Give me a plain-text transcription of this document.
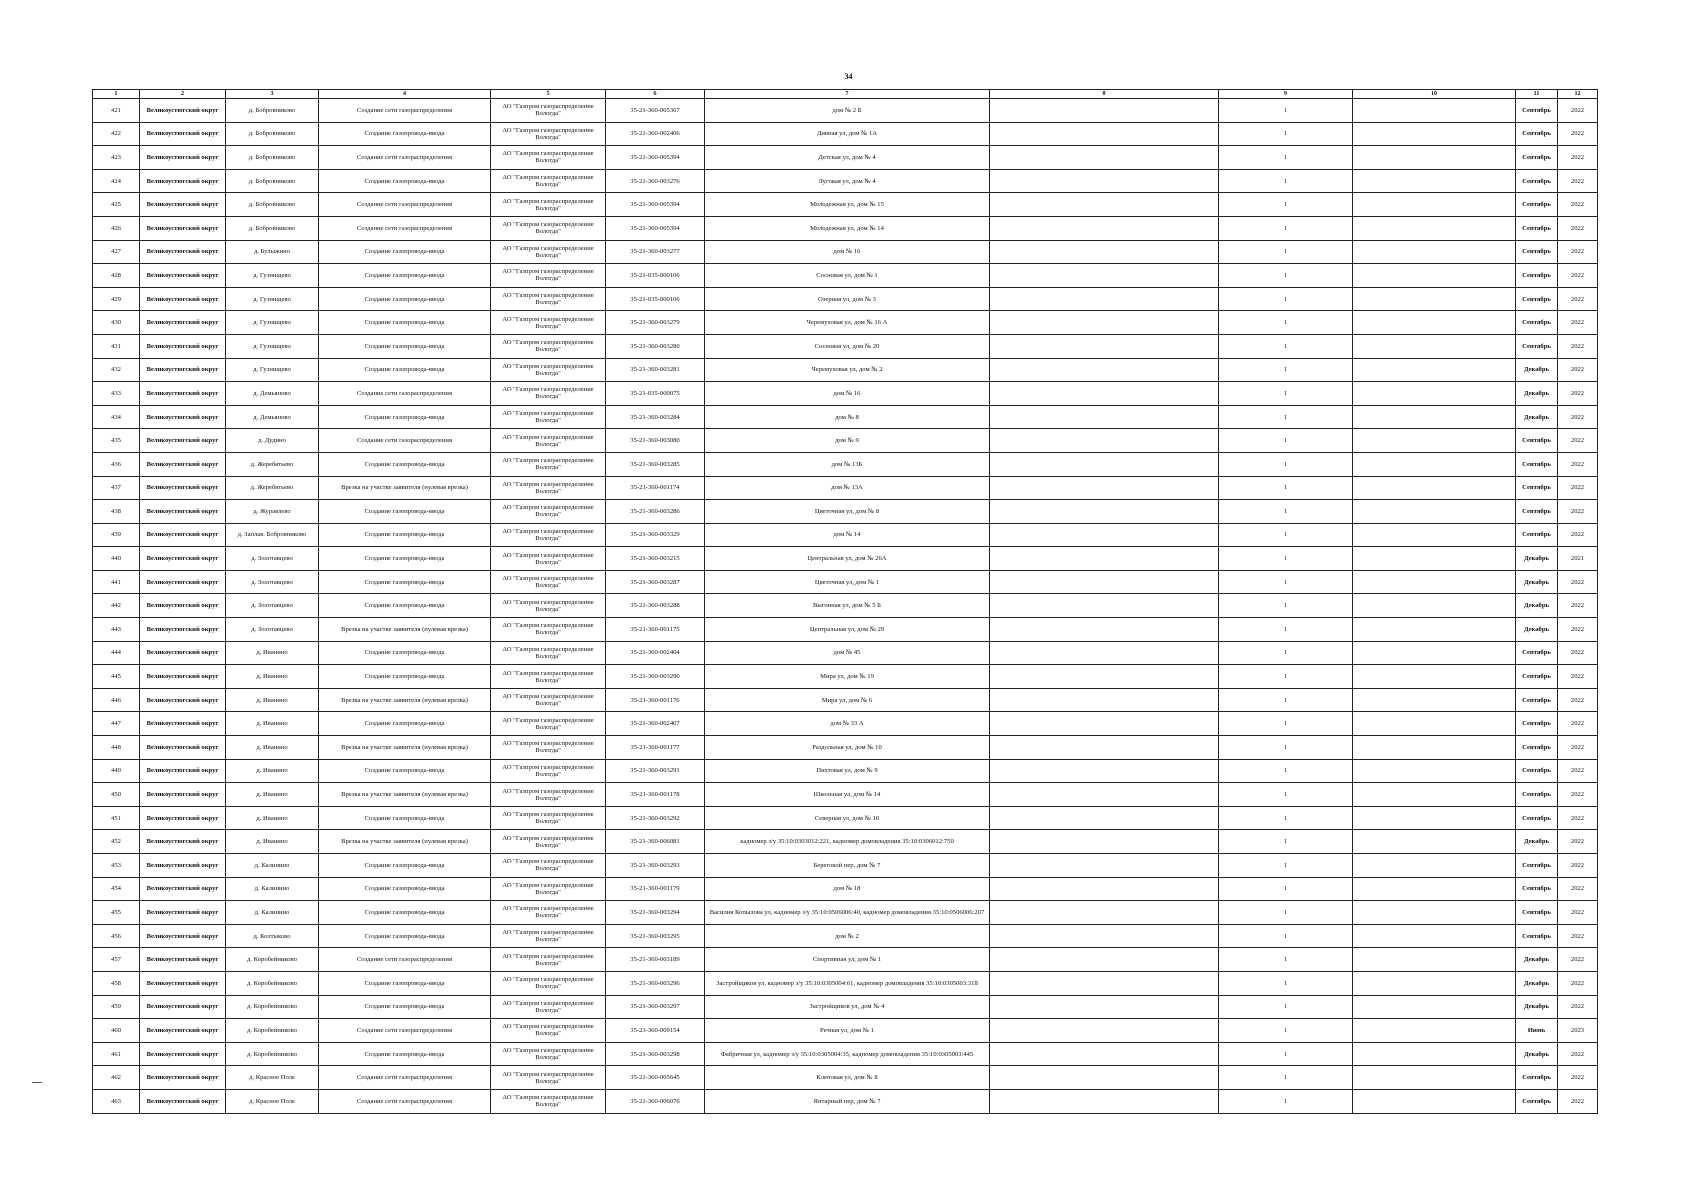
34
1	2	3	4	5	6	7	8	9	10	11	12
421	Великоустюгский округ	д. Бобровниково	Создание сети газораспределения	АО "Газпром газораспределение Вологда"	35-21-360-005367	дом № 2 Б		1		Сентябрь	2022
422	Великоустюгский округ	д. Бобровниково	Создание газопровода-ввода	АО "Газпром газораспределение Вологда"	35-21-360-002406	Дивная ул, дом № 1А		1		Сентябрь	2022
423	Великоустюгский округ	д. Бобровниково	Создание сети газораспределения	АО "Газпром газораспределение Вологда"	35-21-360-005394	Детская ул, дом № 4		1		Сентябрь	2022
424	Великоустюгский округ	д. Бобровниково	Создание газопровода-ввода	АО "Газпром газораспределение Вологда"	35-21-360-003276	Луговая ул, дом № 4		1		Сентябрь	2022
425	Великоустюгский округ	д. Бобровниково	Создание сети газораспределения	АО "Газпром газораспределение Вологда"	35-21-360-005394	Молодежная ул, дом № 15		1		Сентябрь	2022
426	Великоустюгский округ	д. Бобровниково	Создание сети газораспределения	АО "Газпром газораспределение Вологда"	35-21-360-005394	Молодежная ул, дом № 14		1		Сентябрь	2022
427	Великоустюгский округ	д. Булыжино	Создание газопровода-ввода	АО "Газпром газораспределение Вологда"	35-21-360-003277	дом № 16		1		Сентябрь	2022
428	Великоустюгский округ	д. Гузнищево	Создание газопровода-ввода	АО "Газпром газораспределение Вологда"	35-21-035-000106	Сосновая ул, дом № 1		1		Сентябрь	2022
429	Великоустюгский округ	д. Гузнищево	Создание газопровода-ввода	АО "Газпром газораспределение Вологда"	35-21-035-000106	Озерная ул, дом № 3		1		Сентябрь	2022
430	Великоустюгский округ	д. Гузнищево	Создание газопровода-ввода	АО "Газпром газораспределение Вологда"	35-21-360-003279	Черемуховая ул, дом № 16 А		1		Сентябрь	2022
431	Великоустюгский округ	д. Гузнищево	Создание газопровода-ввода	АО "Газпром газораспределение Вологда"	35-21-360-003280	Сосновая ул, дом № 20		1		Сентябрь	2022
432	Великоустюгский округ	д. Гузнищево	Создание газопровода-ввода	АО "Газпром газораспределение Вологда"	35-21-360-003281	Черемуховая ул, дом № 2		1		Декабрь	2022
433	Великоустюгский округ	д. Демьяново	Создание сети газораспределения	АО "Газпром газораспределение Вологда"	35-21-035-000075	дом № 16		1		Декабрь	2022
434	Великоустюгский округ	д. Демьяново	Создание газопровода-ввода	АО "Газпром газораспределение Вологда"	35-21-360-003284	дом № 8		1		Декабрь	2022
435	Великоустюгский округ	д. Дудино	Создание сети газораспределения	АО "Газпром газораспределение Вологда"	35-21-360-003080	дом № 9		1		Сентябрь	2022
436	Великоустюгский округ	д. Жеребятьево	Создание газопровода-ввода	АО "Газпром газораспределение Вологда"	35-21-360-003285	дом № 13Б		1		Сентябрь	2022
437	Великоустюгский округ	д. Жеребятьево	Врезка на участке заявителя (нулевая врезка)	АО "Газпром газораспределение Вологда"	35-21-360-001174	дом № 13А		1		Сентябрь	2022
438	Великоустюгский округ	д. Журавлево	Создание газопровода-ввода	АО "Газпром газораспределение Вологда"	35-21-360-003286	Цветочная ул, дом № 8		1		Сентябрь	2022
439	Великоустюгский округ	д. Заплав. Бобровниково	Создание газопровода-ввода	АО "Газпром газораспределение Вологда"	35-21-360-003329	дом № 14		1		Сентябрь	2022
440	Великоустюгский округ	д. Золотавцево	Создание газопровода-ввода	АО "Газпром газораспределение Вологда"	35-21-360-003215	Центральная ул, дом № 26А		1		Декабрь	2021
441	Великоустюгский округ	д. Золотавцево	Создание газопровода-ввода	АО "Газпром газораспределение Вологда"	35-21-360-003287	Цветочная ул, дом № 1		1		Декабрь	2022
442	Великоустюгский округ	д. Золотавцево	Создание газопровода-ввода	АО "Газпром газораспределение Вологда"	35-21-360-003288	Выгонная ул, дом № 5 Б		1		Декабрь	2022
443	Великоустюгский округ	д. Золотавцево	Врезка на участке заявителя (нулевая врезка)	АО "Газпром газораспределение Вологда"	35-21-360-001175	Центральная ул, дом № 29		1		Декабрь	2022
444	Великоустюгский округ	д. Иванино	Создание газопровода-ввода	АО "Газпром газораспределение Вологда"	35-21-360-002404	дом № 45		1		Сентябрь	2022
445	Великоустюгский округ	д. Иванино	Создание газопровода-ввода	АО "Газпром газораспределение Вологда"	35-21-360-003290	Мира ул, дом № 19		1		Сентябрь	2022
446	Великоустюгский округ	д. Иванино	Врезка на участке заявителя (нулевая врезка)	АО "Газпром газораспределение Вологда"	35-21-360-001176	Мира ул, дом № 6		1		Сентябрь	2022
447	Великоустюгский округ	д. Иванино	Создание газопровода-ввода	АО "Газпром газораспределение Вологда"	35-21-360-002407	дом № 33 А		1		Сентябрь	2022
448	Великоустюгский округ	д. Иванино	Врезка на участке заявителя (нулевая врезка)	АО "Газпром газораспределение Вологда"	35-21-360-001177	Раздольная ул, дом № 10		1		Сентябрь	2022
449	Великоустюгский округ	д. Иванино	Создание газопровода-ввода	АО "Газпром газораспределение Вологда"	35-21-360-003291	Пихтовая ул, дом № 9		1		Сентябрь	2022
450	Великоустюгский округ	д. Иванино	Врезка на участке заявителя (нулевая врезка)	АО "Газпром газораспределение Вологда"	35-21-360-001178	Школьная ул, дом № 14		1		Сентябрь	2022
451	Великоустюгский округ	д. Иванино	Создание газопровода-ввода	АО "Газпром газораспределение Вологда"	35-21-360-003292	Северная ул, дом № 10		1		Сентябрь	2022
452	Великоустюгский округ	д. Иванино	Врезка на участке заявителя (нулевая врезка)	АО "Газпром газораспределение Вологда"	35-21-360-006081	кадномер з/у 35:10:0303012:221, кадномер домовладения 35:10:0306012:750		1		Декабрь	2022
453	Великоустюгский округ	д. Калинино	Создание газопровода-ввода	АО "Газпром газораспределение Вологда"	35-21-360-003293	Береговой пер, дом № 7		1		Сентябрь	2022
454	Великоустюгский округ	д. Калинино	Создание газопровода-ввода	АО "Газпром газораспределение Вологда"	35-21-360-001179	дом № 18		1		Сентябрь	2022
455	Великоустюгский округ	д. Калинино	Создание газопровода-ввода	АО "Газпром газораспределение Вологда"	35-21-360-003294	Василия Копылова ул, кадномер з/у 35:10:0506006:40, кадномер домовладения 35:10:0506006:207		1		Сентябрь	2022
456	Великоустюгский округ	д. Колтыково	Создание газопровода-ввода	АО "Газпром газораспределение Вологда"	35-21-360-003295	дом № 2		1		Сентябрь	2022
457	Великоустюгский округ	д. Коробейниково	Создание сети газораспределения	АО "Газпром газораспределение Вологда"	35-21-360-003189	Спортивная ул, дом № 1		1		Декабрь	2022
458	Великоустюгский округ	д. Коробейниково	Создание газопровода-ввода	АО "Газпром газораспределение Вологда"	35-21-360-003296	Застройщиков ул, кадномер з/у 35:10:0305004:61, кадномер домовладения 35:10:0305003:318		1		Декабрь	2022
459	Великоустюгский округ	д. Коробейниково	Создание газопровода-ввода	АО "Газпром газораспределение Вологда"	35-21-360-003297	Застройщиков ул, дом № 4		1		Декабрь	2022
460	Великоустюгский округ	д. Коробейниково	Создание сети газораспределения	АО "Газпром газораспределение Вологда"	35-23-360-009154	Речная ул, дом № 1		1		Июнь	2023
461	Великоустюгский округ	д. Коробейниково	Создание газопровода-ввода	АО "Газпром газораспределение Вологда"	35-21-360-003298	Фабричная ул, кадномер з/у 35:10:0305004:35, кадномер домовладения 35:10:0305003:445		1		Декабрь	2022
462	Великоустюгский округ	д. Красное Поле	Создание сети газораспределения	АО "Газпром газораспределение Вологда"	35-21-360-005645	Клеповая ул, дом № 8		1		Сентябрь	2022
463	Великоустюгский округ	д. Красное Поле	Создание сети газораспределения	АО "Газпром газораспределение Вологда"	35-21-360-006076	Янтарный пер, дом № 7		1		Сентябрь	2022
